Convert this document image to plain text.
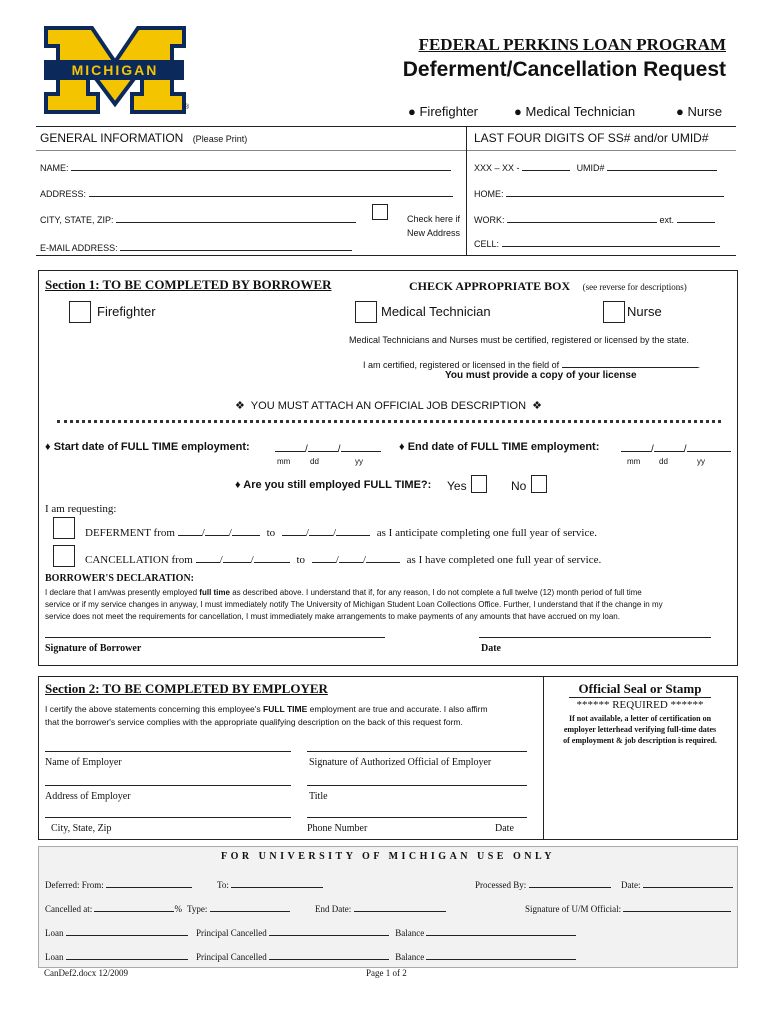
MICHIGAN
®
FEDERAL PERKINS LOAN PROGRAM
Deferment/Cancellation Request
● Firefighter	● Medical Technician	● Nurse
GENERAL INFORMATION (Please Print)
NAME:
ADDRESS:
CITY, STATE, ZIP:	Check here if
New Address
E-MAIL ADDRESS:
LAST FOUR DIGITS OF SS# and/or UMID#
XXX – XX -	UMID#
HOME:
WORK:	ext.
CELL:
Section 1: TO BE COMPLETED BY BORROWER	CHECK APPROPRIATE BOX (see reverse for descriptions)
Firefighter	Medical Technician	Nurse
Medical Technicians and Nurses must be certified, registered or licensed by the state.
I am certified, registered or licensed in the field of	.
You must provide a copy of your license
❖ YOU MUST ATTACH AN OFFICIAL JOB DESCRIPTION ❖
♦ Start date of FULL TIME employment:	/	/
mm dd	yy
♦ End date of FULL TIME employment:	/	/
mm dd	yy
♦ Are you still employed FULL TIME?: Yes	No
I am requesting:
DEFERMENT from / /	to	/ /	as I anticipate completing one full year of service.
CANCELLATION from /	/	to	/ /	as I have completed one full year of service.
BORROWER'S DECLARATION:
I declare that I am/was presently employed full time as described above. I understand that if, for any reason, I do not complete a full twelve (12) month period of full time
service or if my service changes in anyway, I must immediately notify The University of Michigan Student Loan Collections Office. Further, I understand that if the change in my
service does not meet the requirements for cancellation, I must immediately make arrangements to make payments of any amounts that have accrued on my loan.
Signature of Borrower	Date
Section 2: TO BE COMPLETED BY EMPLOYER
I certify the above statements concerning this employee's FULL TIME employment are true and accurate. I also affirm
that the borrower's service complies with the appropriate qualifying description on the back of this request form.
Name of Employer	Signature of Authorized Official of Employer
Address of Employer	Title
City, State, Zip	Phone Number	Date
Official Seal or Stamp
****** REQUIRED ******
If not available, a letter of certification on
employer letterhead verifying full-time dates
of employment & job description is required.
FOR UNIVERSITY OF MICHIGAN USE ONLY
Deferred: From:	To:	Processed By:	Date:
Cancelled at:	% Type:	End Date:	Signature of U/M Official:
Loan	Principal Cancelled	Balance
Loan	Principal Cancelled	Balance
CanDef2.docx 12/2009	Page 1 of 2
